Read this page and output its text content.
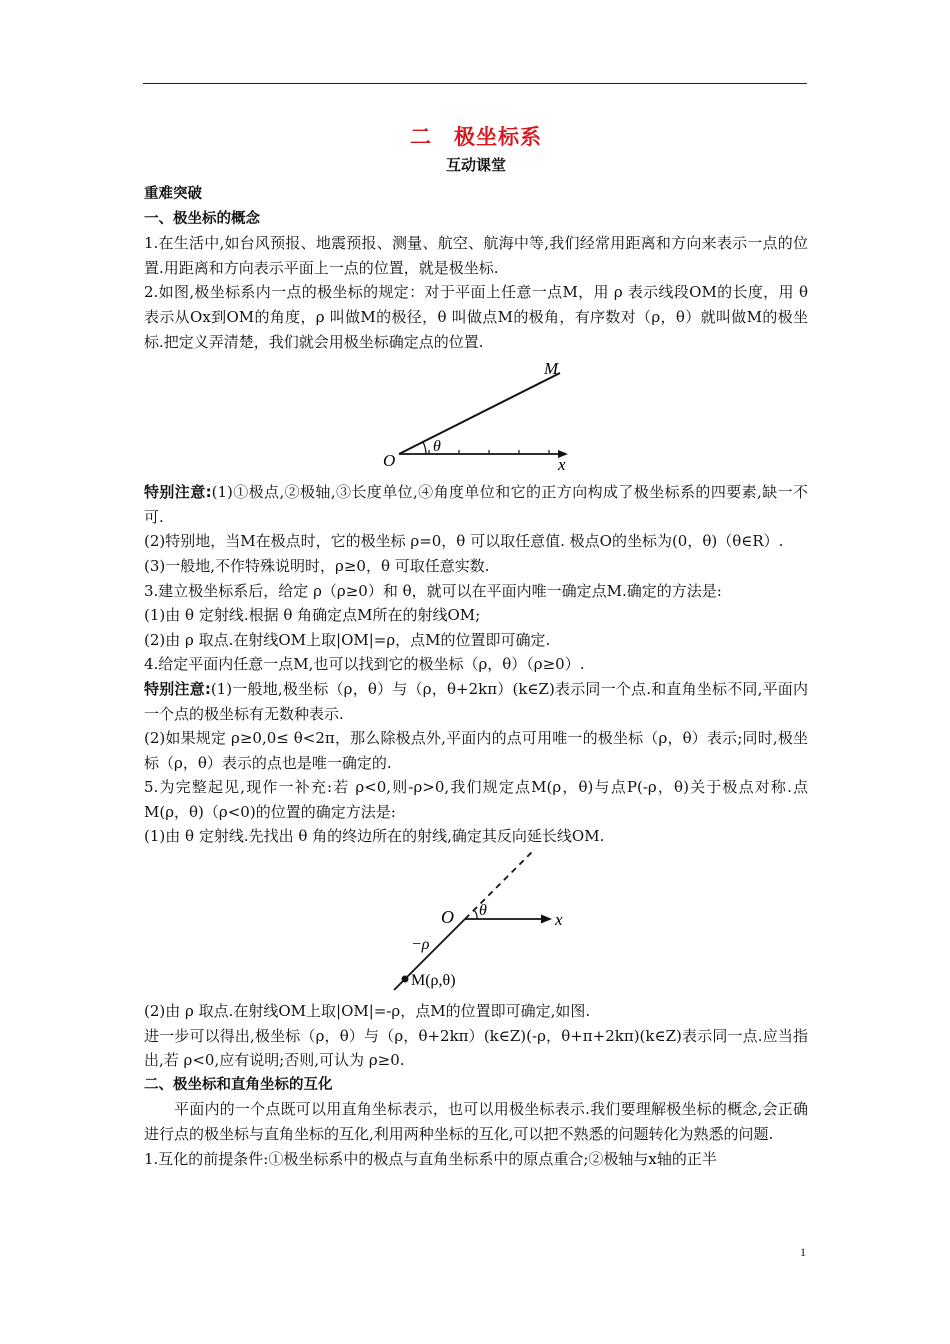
二　极坐标系
互动课堂
重难突破
一、极坐标的概念

1.在生活中,如台风预报、地震预报、测量、航空、航海中等,我们经常用距离和方向来表示一点的位置.用距离和方向表示平面上一点的位置，就是极坐标.

2.如图,极坐标系内一点的极坐标的规定：对于平面上任意一点M，用 ρ 表示线段OM的长度，用 θ 表示从Ox到OM的角度，ρ 叫做M的极径，θ 叫做点M的极角，有序数对（ρ，θ）就叫做M的极坐标.把定义弄清楚，我们就会用极坐标确定点的位置.

M
O
θ
x

特别注意:(1)①极点,②极轴,③长度单位,④角度单位和它的正方向构成了极坐标系的四要素,缺一不可.

(2)特别地，当M在极点时，它的极坐标 ρ=0，θ 可以取任意值. 极点O的坐标为(0，θ)（θ∈R）.

(3)一般地,不作特殊说明时，ρ≥0，θ 可取任意实数.

3.建立极坐标系后，给定 ρ（ρ≥0）和 θ，就可以在平面内唯一确定点M.确定的方法是:

(1)由 θ 定射线.根据 θ 角确定点M所在的射线OM;

(2)由 ρ 取点.在射线OM上取|OM|=ρ，点M的位置即可确定.

4.给定平面内任意一点M,也可以找到它的极坐标（ρ，θ）（ρ≥0）.

特别注意:(1)一般地,极坐标（ρ，θ）与（ρ，θ+2kπ）(k∈Z)表示同一个点.和直角坐标不同,平面内一个点的极坐标有无数种表示.

(2)如果规定 ρ≥0,0≤ θ<2π，那么除极点外,平面内的点可用唯一的极坐标（ρ，θ）表示;同时,极坐标（ρ，θ）表示的点也是唯一确定的.

5.为完整起见,现作一补充:若 ρ<0,则-ρ>0,我们规定点M(ρ，θ)与点P(-ρ，θ)关于极点对称.点M(ρ，θ)（ρ<0)的位置的确定方法是:

(1)由 θ 定射线.先找出 θ 角的终边所在的射线,确定其反向延长线OM.

O θ	x
−ρ
M(ρ,θ)

(2)由 ρ 取点.在射线OM上取|OM|=-ρ，点M的位置即可确定,如图.

进一步可以得出,极坐标（ρ，θ）与（ρ，θ+2kπ）(k∈Z)(-ρ，θ+π+2kπ)(k∈Z)表示同一点.应当指出,若 ρ<0,应有说明;否则,可认为 ρ≥0.

二、极坐标和直角坐标的互化

平面内的一个点既可以用直角坐标表示，也可以用极坐标表示.我们要理解极坐标的概念,会正确进行点的极坐标与直角坐标的互化,利用两种坐标的互化,可以把不熟悉的问题转化为熟悉的问题.

1.互化的前提条件:①极坐标系中的极点与直角坐标系中的原点重合;②极轴与x轴的正半

1
